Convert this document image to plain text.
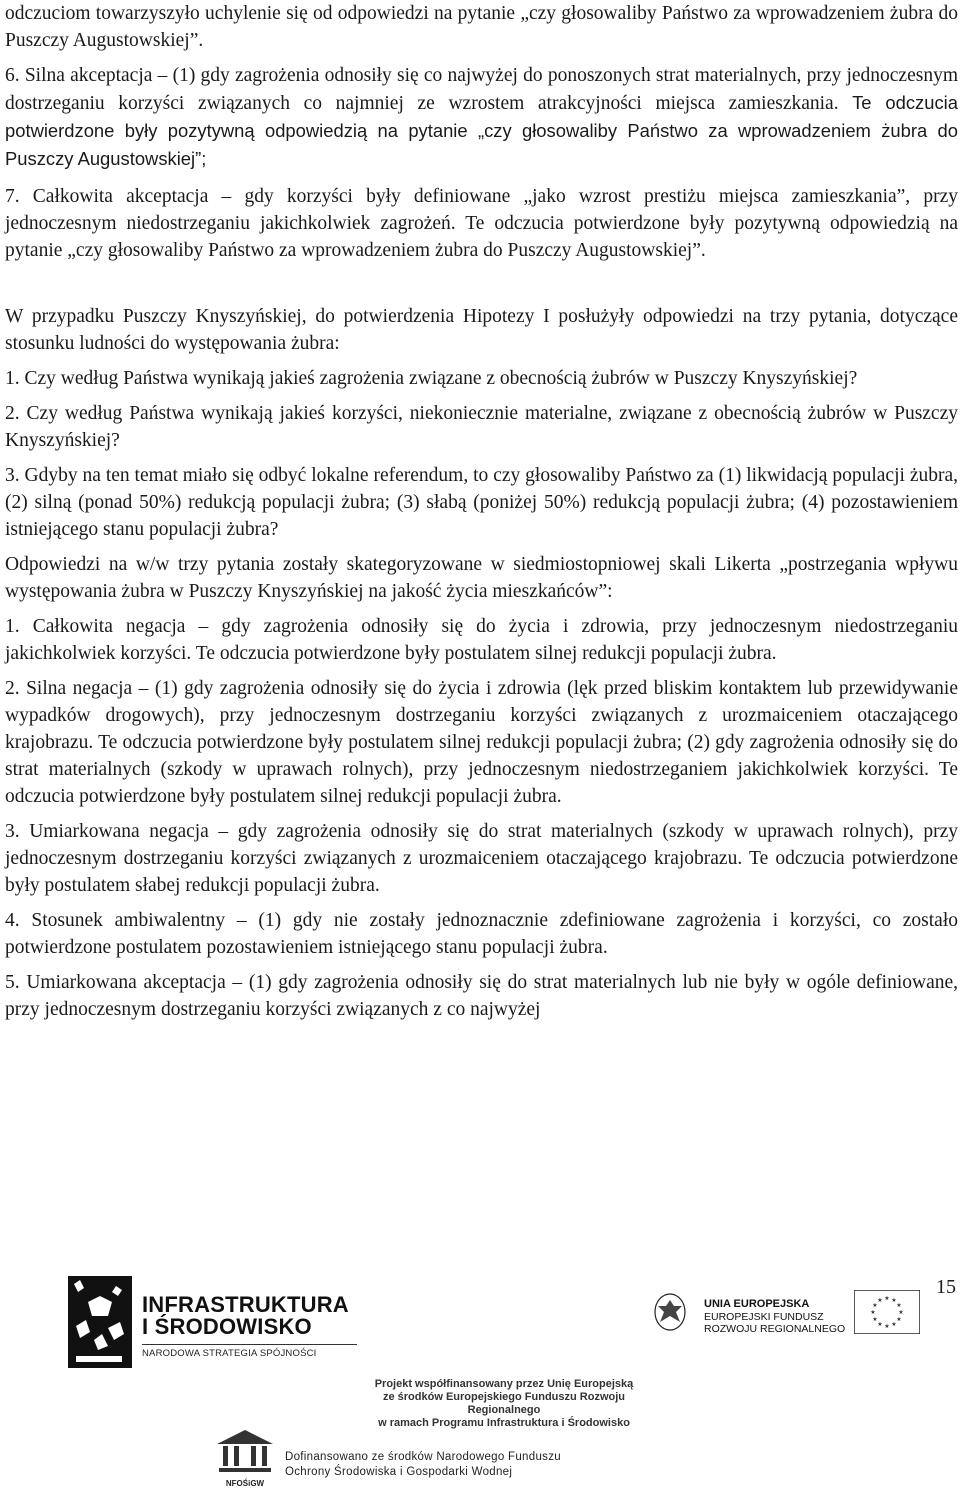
odczuciom towarzyszyło uchylenie się od odpowiedzi na pytanie „czy głosowaliby Państwo za wprowadzeniem żubra do Puszczy Augustowskiej”.

6. Silna akceptacja – (1) gdy zagrożenia odnosiły się co najwyżej do ponoszonych strat materialnych, przy jednoczesnym dostrzeganiu korzyści związanych co najmniej ze wzrostem atrakcyjności miejsca zamieszkania. Te odczucia potwierdzone były pozytywną odpowiedzią na pytanie „czy głosowaliby Państwo za wprowadzeniem żubra do Puszczy Augustowskiej”;

7. Całkowita akceptacja – gdy korzyści były definiowane „jako wzrost prestiżu miejsca zamieszkania”, przy jednoczesnym niedostrzeganiu jakichkolwiek zagrożeń. Te odczucia potwierdzone były pozytywną odpowiedzią na pytanie „czy głosowaliby Państwo za wprowadzeniem żubra do Puszczy Augustowskiej”.

W przypadku Puszczy Knyszyńskiej, do potwierdzenia Hipotezy I posłużyły odpowiedzi na trzy pytania, dotyczące stosunku ludności do występowania żubra:

1. Czy według Państwa wynikają jakieś zagrożenia związane z obecnością żubrów w Puszczy Knyszyńskiej?

2. Czy według Państwa wynikają jakieś korzyści, niekoniecznie materialne, związane z obecnością żubrów w Puszczy Knyszyńskiej?

3. Gdyby na ten temat miało się odbyć lokalne referendum, to czy głosowaliby Państwo za (1) likwidacją populacji żubra, (2) silną (ponad 50%) redukcją populacji żubra; (3) słabą (poniżej 50%) redukcją populacji żubra; (4) pozostawieniem istniejącego stanu populacji żubra?

Odpowiedzi na w/w trzy pytania zostały skategoryzowane w siedmiostopniowej skali Likerta „postrzegania wpływu występowania żubra w Puszczy Knyszyńskiej na jakość życia mieszkańców”:

1. Całkowita negacja – gdy zagrożenia odnosiły się do życia i zdrowia, przy jednoczesnym niedostrzeganiu jakichkolwiek korzyści. Te odczucia potwierdzone były postulatem silnej redukcji populacji żubra.

2. Silna negacja – (1) gdy zagrożenia odnosiły się do życia i zdrowia (lęk przed bliskim kontaktem lub przewidywanie wypadków drogowych), przy jednoczesnym dostrzeganiu korzyści związanych z urozmaiceniem otaczającego krajobrazu. Te odczucia potwierdzone były postulatem silnej redukcji populacji żubra; (2) gdy zagrożenia odnosiły się do strat materialnych (szkody w uprawach rolnych), przy jednoczesnym niedostrzeganiem jakichkolwiek korzyści. Te odczucia potwierdzone były postulatem silnej redukcji populacji żubra.

3. Umiarkowana negacja – gdy zagrożenia odnosiły się do strat materialnych (szkody w uprawach rolnych), przy jednoczesnym dostrzeganiu korzyści związanych z urozmaiceniem otaczającego krajobrazu. Te odczucia potwierdzone były postulatem słabej redukcji populacji żubra.

4. Stosunek ambiwalentny – (1) gdy nie zostały jednoznacznie zdefiniowane zagrożenia i korzyści, co zostało potwierdzone postulatem pozostawieniem istniejącego stanu populacji żubra.

5. Umiarkowana akceptacja – (1) gdy zagrożenia odnosiły się do strat materialnych lub nie były w ogóle definiowane, przy jednoczesnym dostrzeganiu korzyści związanych z co najwyżej

15
INFRASTRUKTURA
I ŚRODOWISKO
NARODOWA STRATEGIA SPÓJNOŚCI
UNIA EUROPEJSKA
EUROPEJSKI FUNDUSZ
ROZWOJU REGIONALNEGO
★ ★
★
★
★
★
★
★
★
★
★
★
Projekt współfinansowany przez Unię Europejską
ze środków Europejskiego Funduszu Rozwoju Regionalnego
w ramach Programu Infrastruktura i Środowisko
NFOŚiGW
Dofinansowano ze środków Narodowego Funduszu
Ochrony Środowiska i Gospodarki Wodnej
